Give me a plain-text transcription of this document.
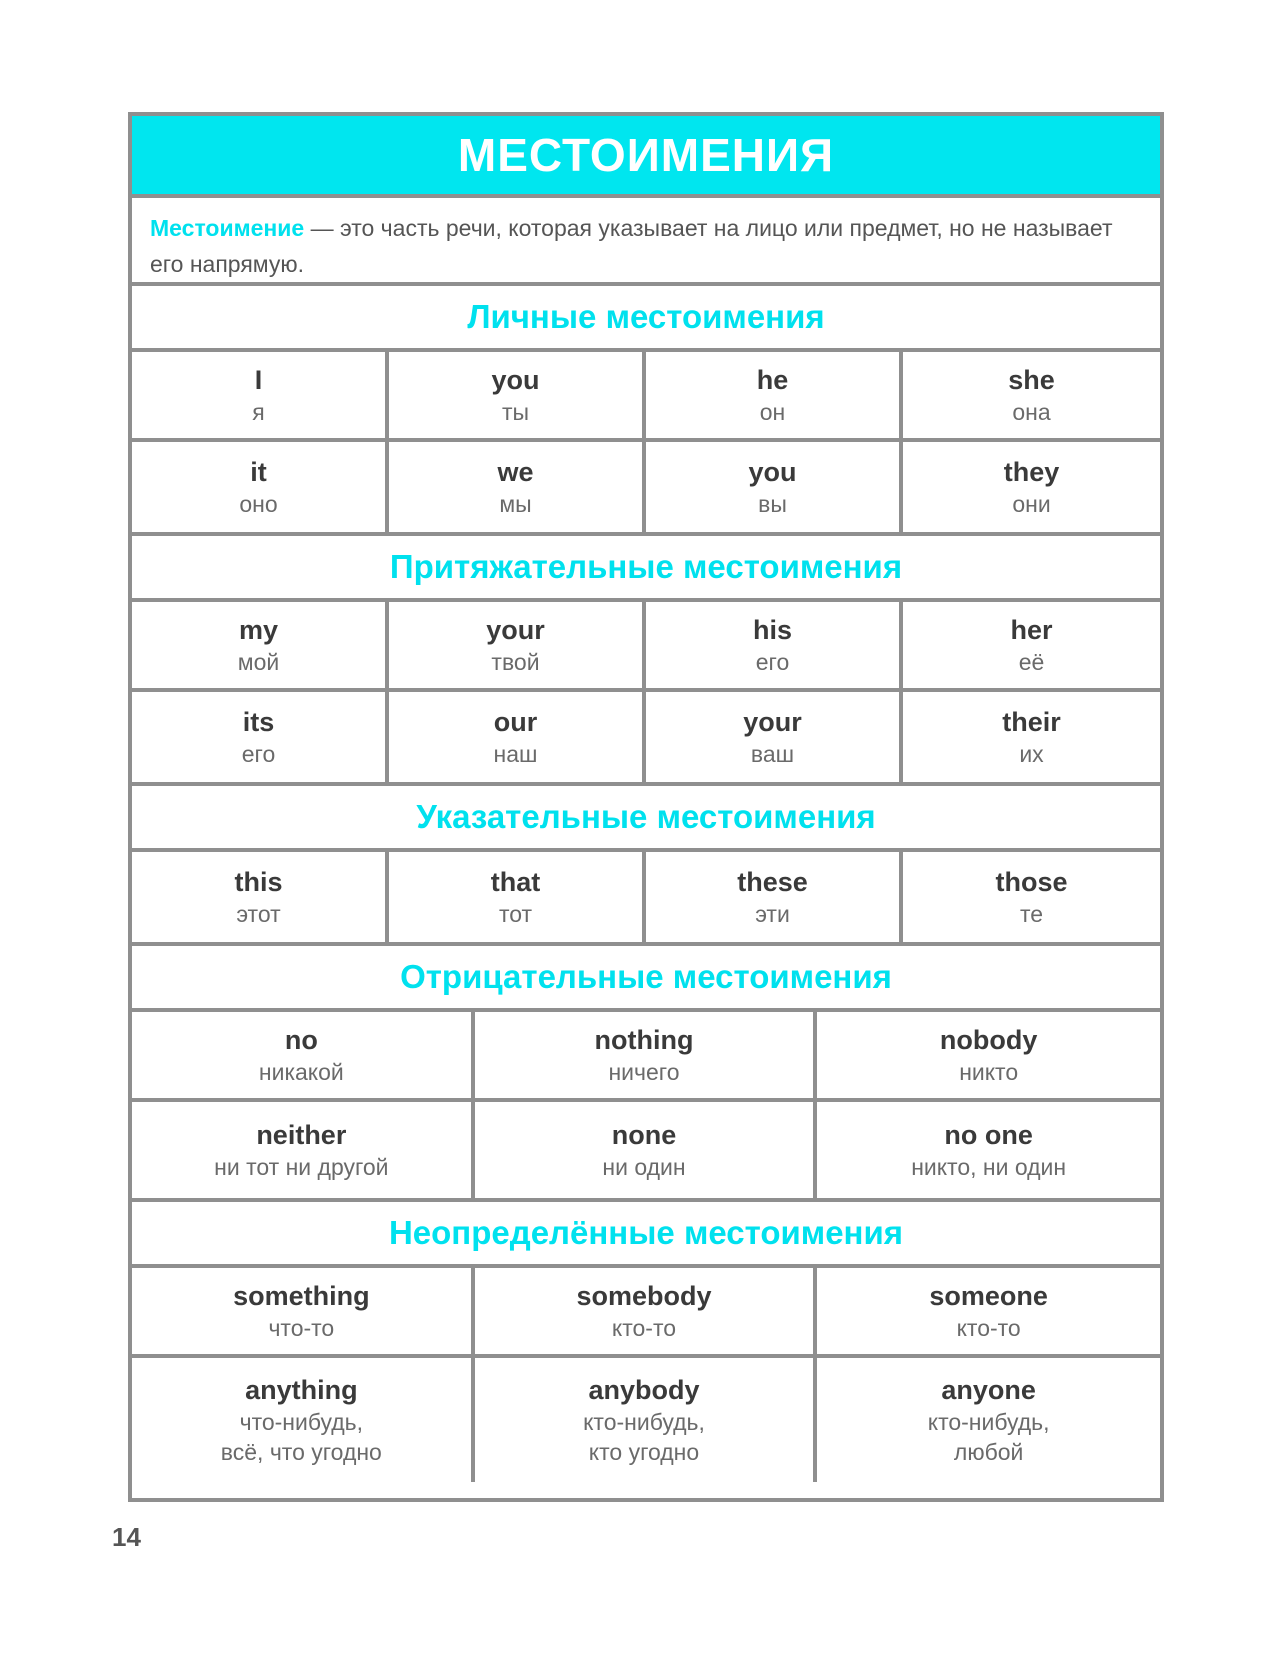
МЕСТОИМЕНИЯ
Местоимение — это часть речи, которая указывает на лицо или предмет, но не называет его напрямую.
Личные местоимения
I
я
you
ты
he
он
she
она
it
оно
we
мы
you
вы
they
они
Притяжательные местоимения
my
мой
your
твой
his
его
her
её
its
его
our
наш
your
ваш
their
их
Указательные местоимения
this
этот
that
тот
these
эти
those
те
Отрицательные местоимения
no
никакой
nothing
ничего
nobody
никто
neither
ни тот ни другой
none
ни один
no one
никто, ни один
Неопределённые местоимения
something
что-то
somebody
кто-то
someone
кто-то
anything
что-нибудь,
всё, что угодно
anybody
кто-нибудь,
кто угодно
anyone
кто-нибудь,
любой
14
